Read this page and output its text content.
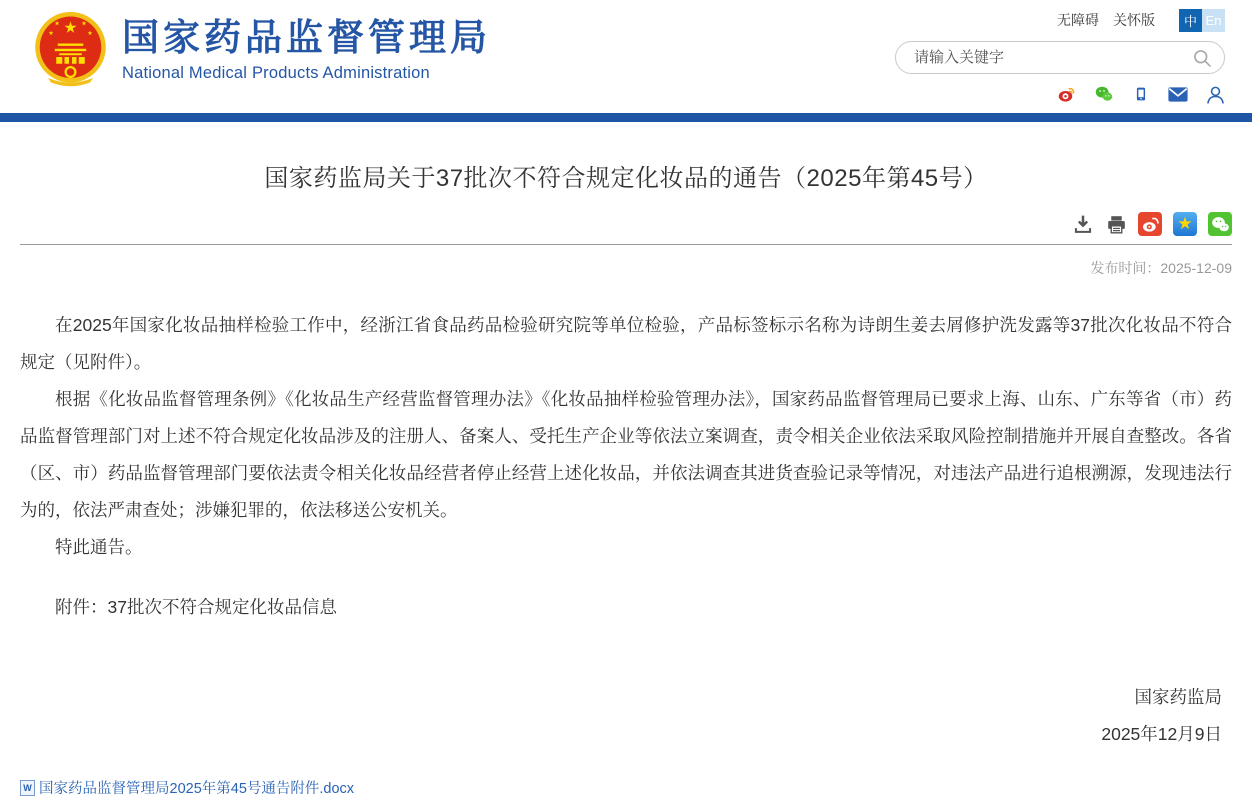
国家药品监督管理局
National Medical Products Administration
无障碍 关怀版	中 En
请输入关键字
国家药监局关于37批次不符合规定化妆品的通告（2025年第45号）
★
发布时间：2025-12-09

在2025年国家化妆品抽样检验工作中，经浙江省食品药品检验研究院等单位检验，产品标签标示名称为诗朗生姜去屑修护洗发露等37批次化妆品不符合规定（见附件）。

根据《化妆品监督管理条例》《化妆品生产经营监督管理办法》《化妆品抽样检验管理办法》，国家药品监督管理局已要求上海、山东、广东等省（市）药品监督管理部门对上述不符合规定化妆品涉及的注册人、备案人、受托生产企业等依法立案调查，责令相关企业依法采取风险控制措施并开展自查整改。各省（区、市）药品监督管理部门要依法责令相关化妆品经营者停止经营上述化妆品，并依法调查其进货查验记录等情况，对违法产品进行追根溯源，发现违法行为的，依法严肃查处；涉嫌犯罪的，依法移送公安机关。

特此通告。

附件：37批次不符合规定化妆品信息

国家药监局
2025年12月9日
W 国家药品监督管理局2025年第45号通告附件.docx
